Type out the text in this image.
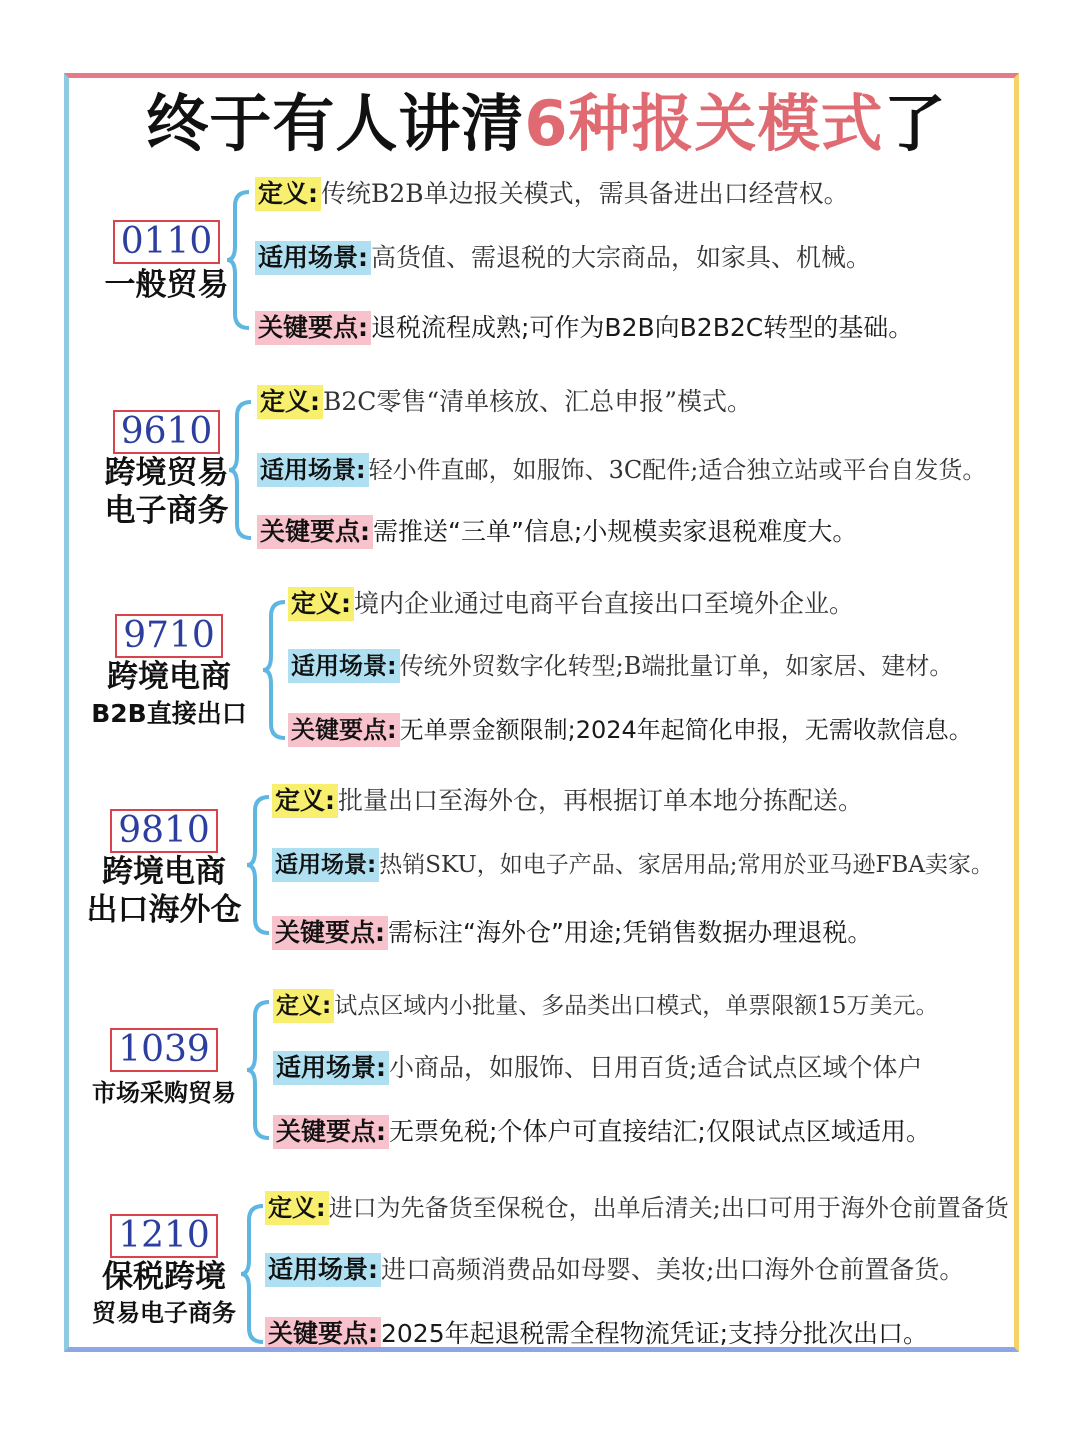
终于有人讲清6种报关模式了
0110
一般贸易
定义: 传统B2B单边报关模式，需具备进出口经营权。
适用场景: 高货值、需退税的大宗商品，如家具、机械。
关键要点: 退税流程成熟;可作为B2B向B2B2C转型的基础。
9610
跨境贸易
电子商务
定义: B2C零售“清单核放、汇总申报”模式。
适用场景: 轻小件直邮，如服饰、3C配件;适合独立站或平台自发货。
关键要点: 需推送“三单”信息;小规模卖家退税难度大。
9710
跨境电商
B2B直接出口
定义: 境内企业通过电商平台直接出口至境外企业。
适用场景: 传统外贸数字化转型;B端批量订单，如家居、建材。
关键要点: 无单票金额限制;2024年起简化申报，无需收款信息。
9810
跨境电商
出口海外仓
定义: 批量出口至海外仓，再根据订单本地分拣配送。
适用场景: 热销SKU，如电子产品、家居用品;常用於亚马逊FBA卖家。
关键要点: 需标注“海外仓”用途;凭销售数据办理退税。
1039
市场采购贸易
定义: 试点区域内小批量、多品类出口模式，单票限额15万美元。
适用场景: 小商品，如服饰、日用百货;适合试点区域个体户
关键要点: 无票免税;个体户可直接结汇;仅限试点区域适用。
1210
保税跨境
贸易电子商务
定义: 进口为先备货至保税仓，出单后清关;出口可用于海外仓前置备货
适用场景: 进口高频消费品如母婴、美妆;出口海外仓前置备货。
关键要点: 2025年起退税需全程物流凭证;支持分批次出口。
